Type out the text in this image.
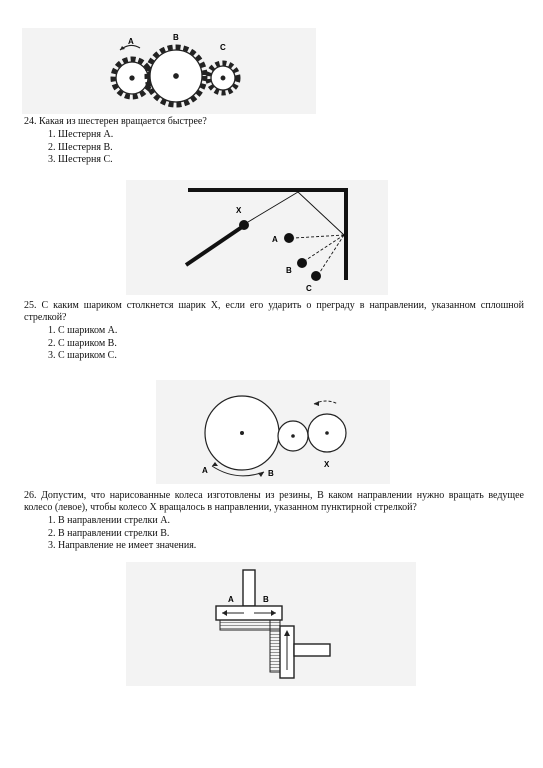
A	B
C

24. Какая из шестерен вращается быстрее?

1. Шестерня А.
2. Шестерня В.
3. Шестерня С.
X
A
B
C

25. С каким шариком столкнется шарик X, если его ударить о преграду в направлении, указанном сплошной стрелкой?

1. С шариком А.
2. С шариком В.
3. С шариком С.
A	B
X

26. Допустим, что нарисованные колеса изготовлены из резины, В каком направлении нужно вращать ведущее колесо (левое), чтобы колесо X вращалось в направлении, указанном пунктирной стрелкой?

1. В направлении стрелки А.
2. В направлении стрелки В.
3. Направление не имеет значения.
A	B
